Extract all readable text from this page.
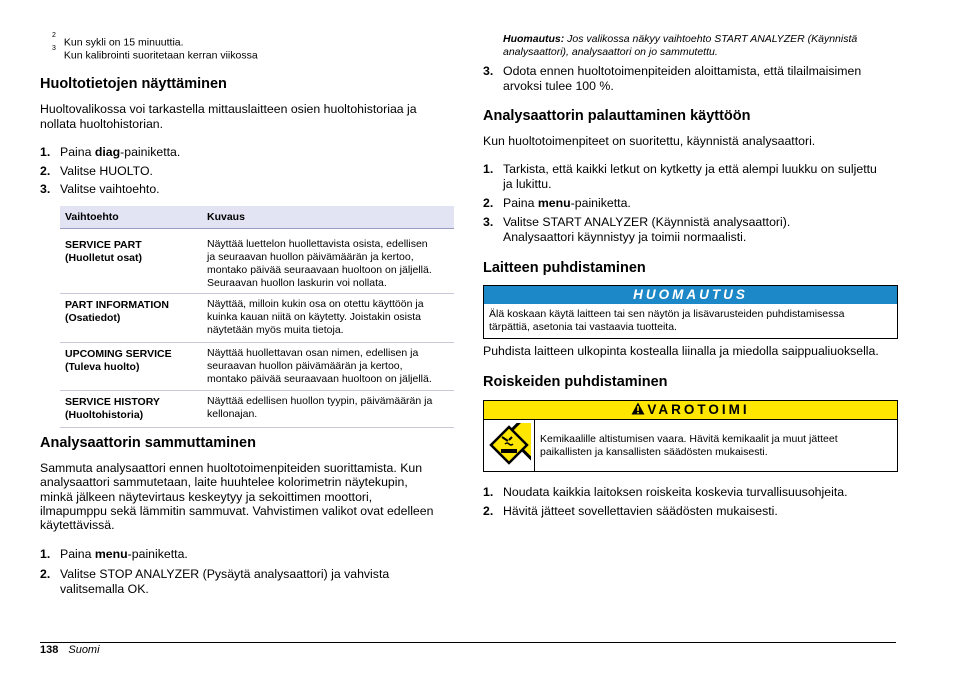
$^2$Kun sykli on 15 minuuttia.
$^3$Kun kalibrointi suoritetaan kerran viikossa
Huoltotietojen näyttäminen
Huoltovalikossa voi tarkastella mittauslaitteen osien huoltohistoriaa ja
nollata huoltohistorian.
1. Paina diag-painiketta.
2. Valitse HUOLTO.
3. Valitse vaihtoehto.
Vaihtoehto	Kuvaus
SERVICE PART
(Huolletut osat)
Näyttää luettelon huollettavista osista, edellisen
ja seuraavan huollon päivämäärän ja kertoo,
montako päivää seuraavaan huoltoon on jäljellä.
Seuraavan huollon laskurin voi nollata.
PART INFORMATION
(Osatiedot)
Näyttää, milloin kukin osa on otettu käyttöön ja
kuinka kauan niitä on käytetty. Joistakin osista
näytetään myös muita tietoja.
UPCOMING SERVICE
(Tuleva huolto)
Näyttää huollettavan osan nimen, edellisen ja
seuraavan huollon päivämäärän ja kertoo,
montako päivää seuraavaan huoltoon on jäljellä.
SERVICE HISTORY
(Huoltohistoria)
Näyttää edellisen huollon tyypin, päivämäärän ja
kellonajan.
Analysaattorin sammuttaminen
Sammuta analysaattori ennen huoltotoimenpiteiden suorittamista. Kun
analysaattori sammutetaan, laite huuhtelee kolorimetrin näytekupin,
minkä jälkeen näytevirtaus keskeytyy ja sekoittimen moottori,
ilmapumppu sekä lämmitin sammuvat. Vahvistimen valikot ovat edelleen
käytettävissä.
1. Paina menu-painiketta.
2. Valitse STOP ANALYZER (Pysäytä analysaattori) ja vahvista
valitsemalla OK.
Huomautus: Jos valikossa näkyy vaihtoehto START ANALYZER (Käynnistä
analysaattori), analysaattori on jo sammutettu.
3. Odota ennen huoltotoimenpiteiden aloittamista, että tilailmaisimen
arvoksi tulee 100 %.
Analysaattorin palauttaminen käyttöön
Kun huoltotoimenpiteet on suoritettu, käynnistä analysaattori.
1. Tarkista, että kaikki letkut on kytketty ja että alempi luukku on suljettu
ja lukittu.
2. Paina menu-painiketta.
3. Valitse START ANALYZER (Käynnistä analysaattori).
Analysaattori käynnistyy ja toimii normaalisti.
Laitteen puhdistaminen
HUOMAUTUS
Älä koskaan käytä laitteen tai sen näytön ja lisävarusteiden puhdistamisessa
tärpättiä, asetonia tai vastaavia tuotteita.
Puhdista laitteen ulkopinta kostealla liinalla ja miedolla saippualiuoksella.
Roiskeiden puhdistaminen
VAROTOIMI
Kemikaalille altistumisen vaara. Hävitä kemikaalit ja muut jätteet
paikallisten ja kansallisten säädösten mukaisesti.
1. Noudata kaikkia laitoksen roiskeita koskevia turvallisuusohjeita.
2. Hävitä jätteet sovellettavien säädösten mukaisesti.
138 Suomi
